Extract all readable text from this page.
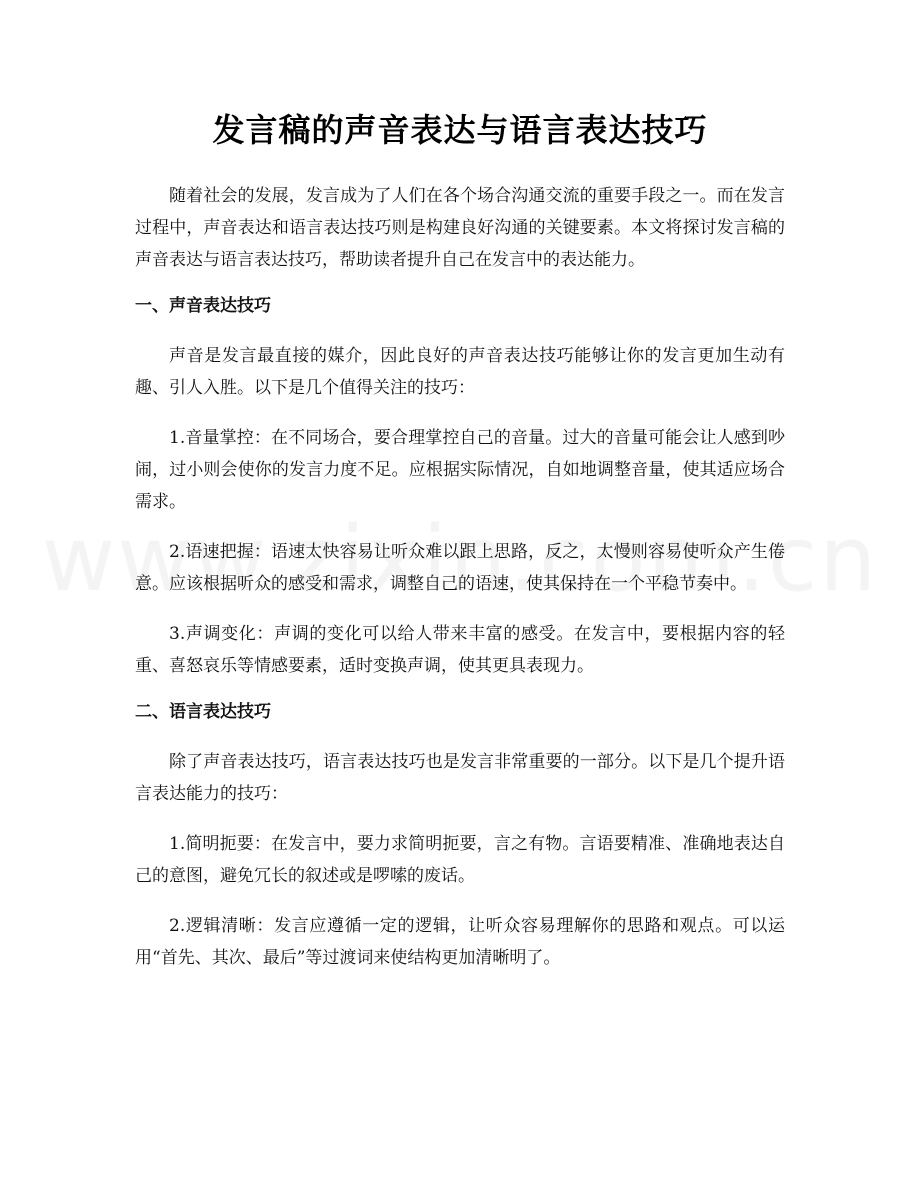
发言稿的声音表达与语言表达技巧

随着社会的发展，发言成为了人们在各个场合沟通交流的重要手段之一。而在发言过程中，声音表达和语言表达技巧则是构建良好沟通的关键要素。本文将探讨发言稿的声音表达与语言表达技巧，帮助读者提升自己在发言中的表达能力。

一、声音表达技巧

声音是发言最直接的媒介，因此良好的声音表达技巧能够让你的发言更加生动有趣、引人入胜。以下是几个值得关注的技巧：

1.音量掌控：在不同场合，要合理掌控自己的音量。过大的音量可能会让人感到吵闹，过小则会使你的发言力度不足。应根据实际情况，自如地调整音量，使其适应场合需求。

2.语速把握：语速太快容易让听众难以跟上思路，反之，太慢则容易使听众产生倦意。应该根据听众的感受和需求，调整自己的语速，使其保持在一个平稳节奏中。

3.声调变化：声调的变化可以给人带来丰富的感受。在发言中，要根据内容的轻重、喜怒哀乐等情感要素，适时变换声调，使其更具表现力。

二、语言表达技巧

除了声音表达技巧，语言表达技巧也是发言非常重要的一部分。以下是几个提升语言表达能力的技巧：

1.简明扼要：在发言中，要力求简明扼要，言之有物。言语要精准、准确地表达自己的意图，避免冗长的叙述或是啰嗦的废话。

2.逻辑清晰：发言应遵循一定的逻辑，让听众容易理解你的思路和观点。可以运用“首先、其次、最后”等过渡词来使结构更加清晰明了。
